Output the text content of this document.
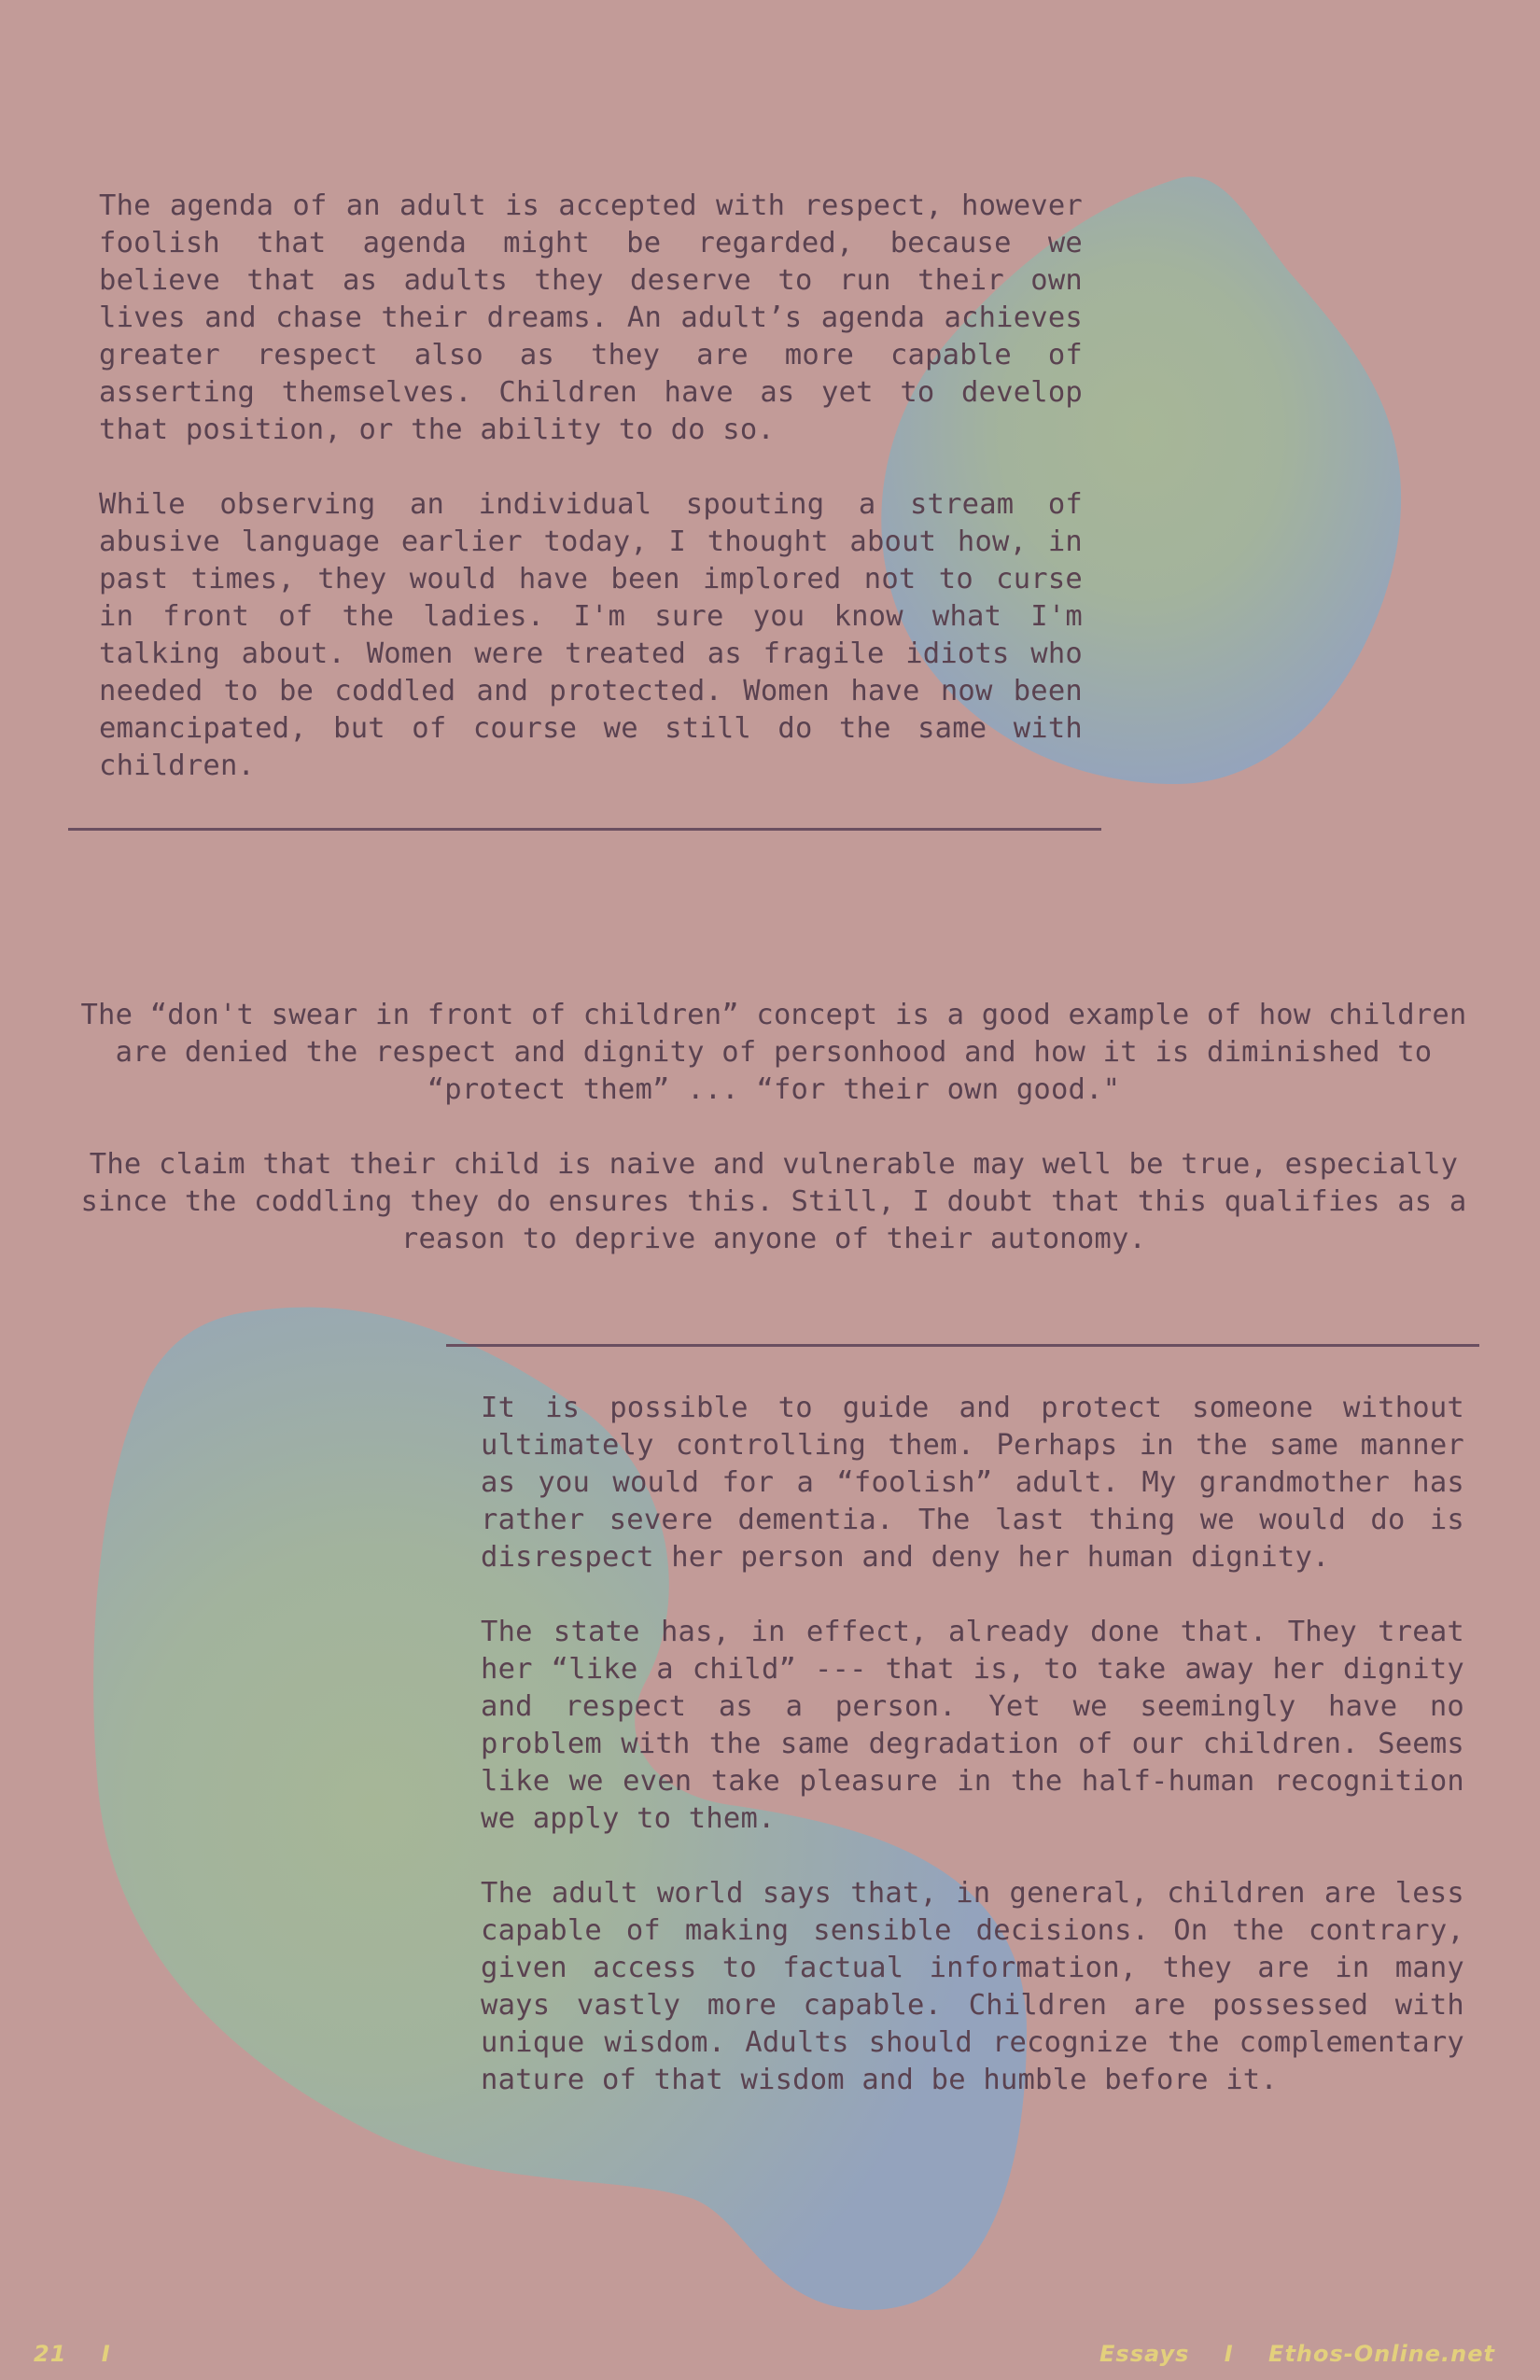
The agenda of an adult is accepted with respect, however foolish that agenda might be regarded, because we believe that as adults they deserve to run their own lives and chase their dreams. An adult’s agenda achieves greater respect also as they are more capable of asserting themselves. Children have as yet to develop that position, or the ability to do so.

While observing an individual spouting a stream of abusive language earlier today, I thought about how, in past times, they would have been implored not to curse in front of the ladies. I'm sure you know what I'm talking about. Women were treated as fragile idiots who needed to be coddled and protected. Women have now been emancipated, but of course we still do the same with children.

The “don't swear in front of children” concept is a good example of how children are denied the respect and dignity of personhood and how it is diminished to “protect them” ... “for their own good."

The claim that their child is naive and vulnerable may well be true, especially since the coddling they do ensures this. Still, I doubt that this qualifies as a reason to deprive anyone of their autonomy.

It is possible to guide and protect someone without ultimately controlling them. Perhaps in the same manner as you would for a “foolish” adult. My grandmother has rather severe dementia. The last thing we would do is disrespect her person and deny her human dignity.

The state has, in effect, already done that. They treat her “like a child” --- that is, to take away her dignity and respect as a person. Yet we seemingly have no problem with the same degradation of our children. Seems like we even take pleasure in the half-human recognition we apply to them.

The adult world says that, in general, children are less capable of making sensible decisions. On the contrary, given access to factual information, they are in many ways vastly more capable. Children are possessed with unique wisdom. Adults should recognize the complementary nature of that wisdom and be humble before it.

21 I	Essays I Ethos-Online.net
